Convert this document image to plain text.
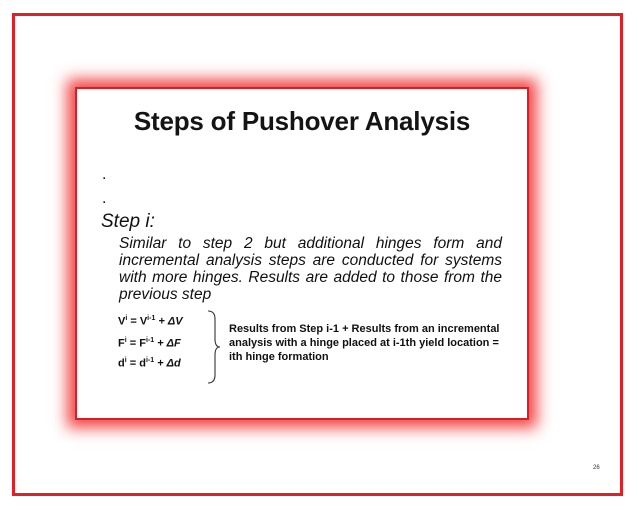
Steps of Pushover Analysis
.
.
Step i:
Similar to step 2 but additional hinges form and incremental analysis steps are conducted for systems with more hinges. Results are added to those from the previous step
$V^i = V^{i-1} + \Delta V$
$F^i = F^{i-1} + \Delta F$
$d^i = d^{i-1} + \Delta d$
Results from Step i-1 + Results from an incremental analysis with a hinge placed at i-1th yield location = ith hinge formation
26
